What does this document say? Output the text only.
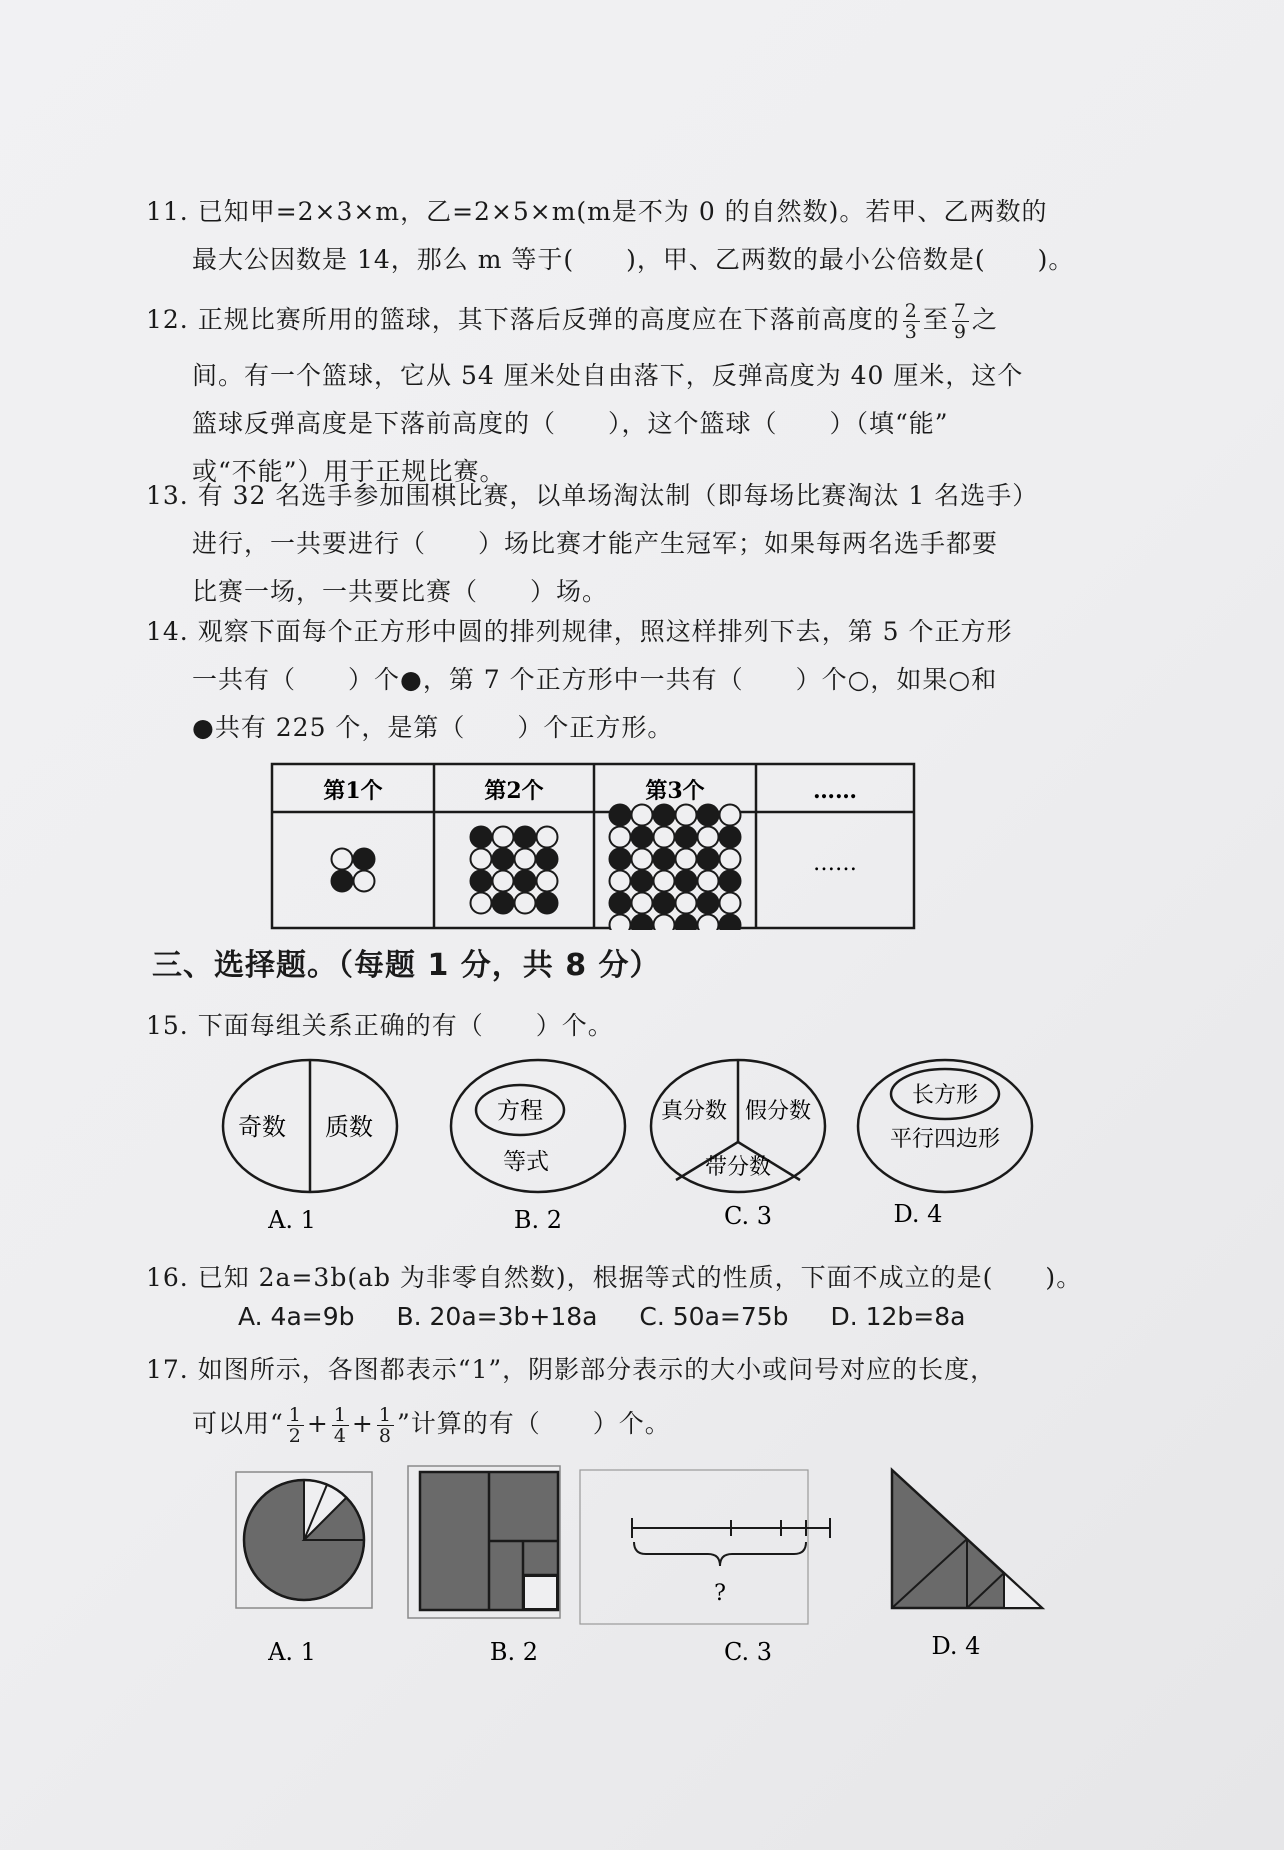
11. 已知甲=2×3×m，乙=2×5×m(m是不为 0 的自然数)。若甲、乙两数的
最大公因数是 14，那么 m 等于(　　)，甲、乙两数的最小公倍数是(　　)。
12. 正规比赛所用的篮球，其下落后反弹的高度应在下落前高度的 $\frac{2}{3}$ 至 $\frac{7}{9}$ 之
间。有一个篮球，它从 54 厘米处自由落下，反弹高度为 40 厘米，这个
篮球反弹高度是下落前高度的（　　），这个篮球（　　）（填“能”
或“不能”）用于正规比赛。
13. 有 32 名选手参加围棋比赛，以单场淘汰制（即每场比赛淘汰 1 名选手）
进行，一共要进行（　　）场比赛才能产生冠军；如果每两名选手都要
比赛一场，一共要比赛（　　）场。
14. 观察下面每个正方形中圆的排列规律，照这样排列下去，第 5 个正方形
一共有（　　）个●，第 7 个正方形中一共有（　　）个○，如果○和
●共有 225 个，是第（　　）个正方形。
第1个	第2个	第3个	……
……
三、选择题。（每题 1 分，共 8 分）
15. 下面每组关系正确的有（　　）个。
奇数 质数
方程
等式
真分数 假分数
带分数
长方形
平行四边形
A. 1	B. 2	C. 3	D. 4
16. 已知 2a=3b(ab 为非零自然数)，根据等式的性质，下面不成立的是(　　)。
A. 4a=9b B. 20a=3b+18a C. 50a=75b D. 12b=8a
17. 如图所示，各图都表示“1”，阴影部分表示的大小或问号对应的长度，
可以用“ $\frac{1}{2} + \frac{1}{4} + \frac{1}{8}$ ”计算的有（　　）个。
?
A. 1	B. 2	C. 3	D. 4
